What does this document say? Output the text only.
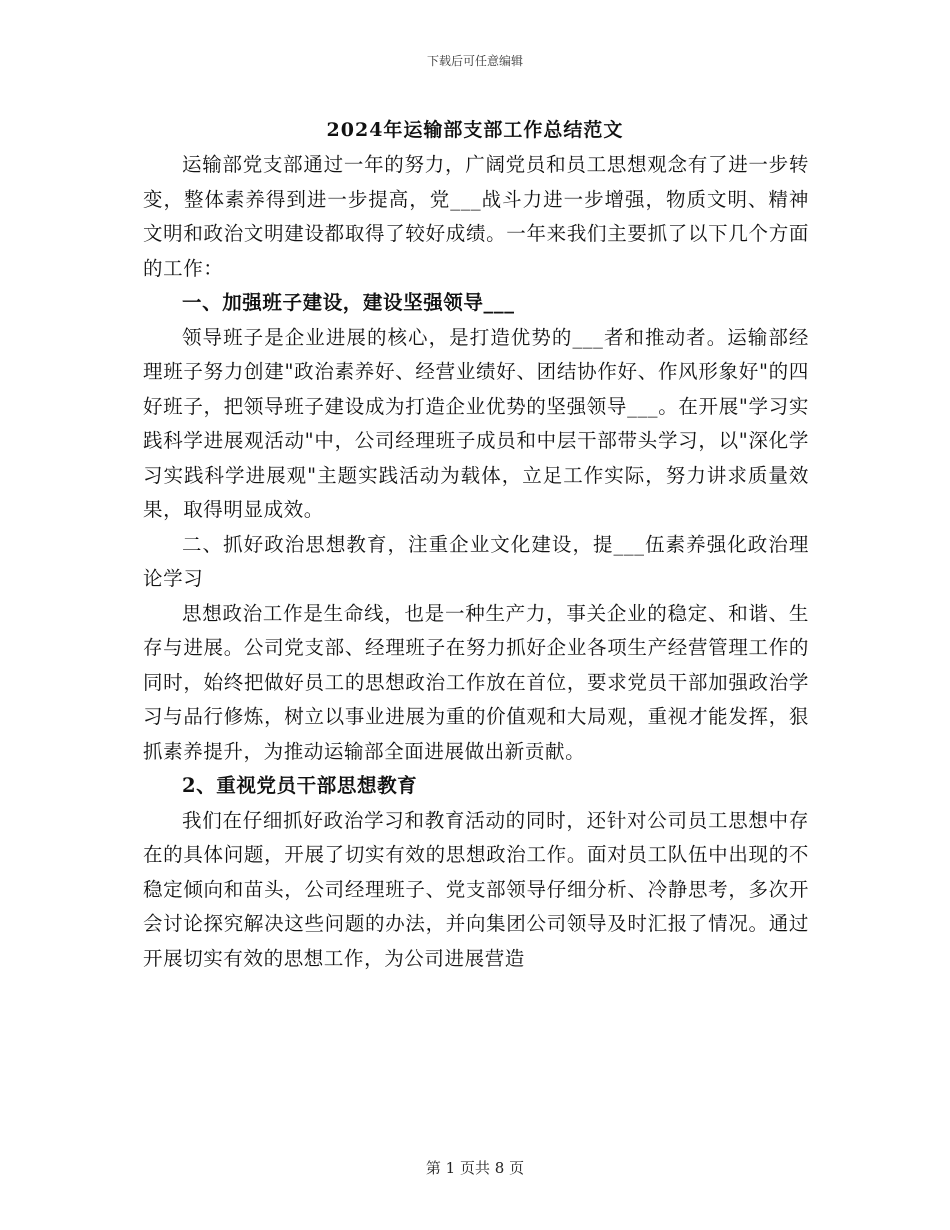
下载后可任意编辑
2024年运输部支部工作总结范文

运输部党支部通过一年的努力，广阔党员和员工思想观念有了进一步转变，整体素养得到进一步提高，党___战斗力进一步增强，物质文明、精神文明和政治文明建设都取得了较好成绩。一年来我们主要抓了以下几个方面的工作：

一、加强班子建设，建设坚强领导___

领导班子是企业进展的核心，是打造优势的___者和推动者。运输部经理班子努力创建"政治素养好、经营业绩好、团结协作好、作风形象好"的四好班子，把领导班子建设成为打造企业优势的坚强领导___。在开展"学习实践科学进展观活动"中，公司经理班子成员和中层干部带头学习，以"深化学习实践科学进展观"主题实践活动为载体，立足工作实际，努力讲求质量效果，取得明显成效。

二、抓好政治思想教育，注重企业文化建设，提___伍素养强化政治理论学习

思想政治工作是生命线，也是一种生产力，事关企业的稳定、和谐、生存与进展。公司党支部、经理班子在努力抓好企业各项生产经营管理工作的同时，始终把做好员工的思想政治工作放在首位，要求党员干部加强政治学习与品行修炼，树立以事业进展为重的价值观和大局观，重视才能发挥，狠抓素养提升，为推动运输部全面进展做出新贡献。

2、重视党员干部思想教育

我们在仔细抓好政治学习和教育活动的同时，还针对公司员工思想中存在的具体问题，开展了切实有效的思想政治工作。面对员工队伍中出现的不稳定倾向和苗头，公司经理班子、党支部领导仔细分析、冷静思考，多次开会讨论探究解决这些问题的办法，并向集团公司领导及时汇报了情况。通过开展切实有效的思想工作，为公司进展营造

第 1 页共 8 页
